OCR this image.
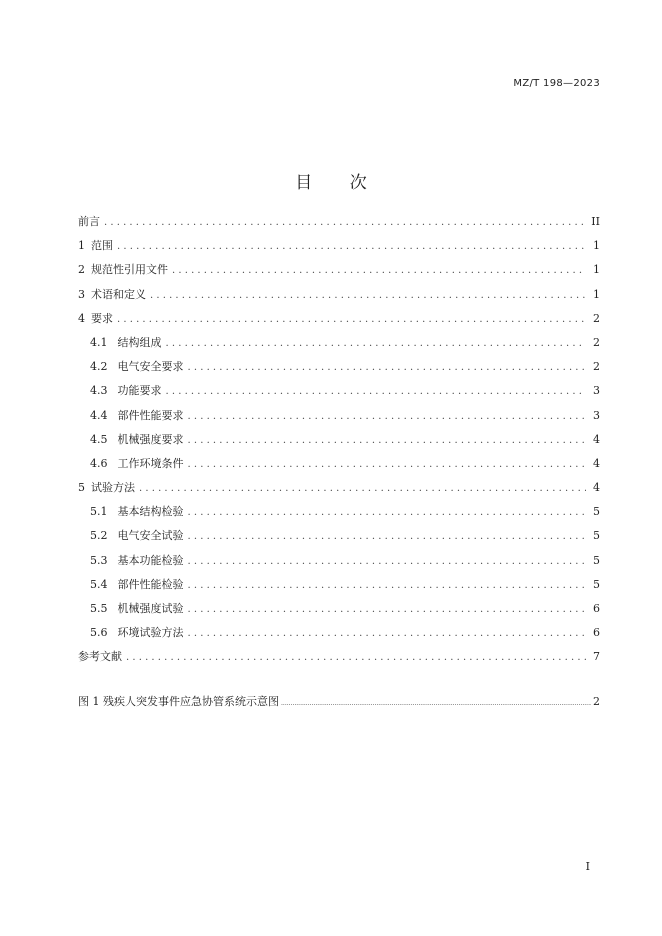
MZ/T 198—2023
目 次
前言 . . .	II
1 范围 . . .	1
2 规范性引用文件 . . .	1
3 术语和定义 . . .	1
4 要求 . . .	2
4.1 结构组成 . . .	2
4.2 电气安全要求 . . .	2
4.3 功能要求 . . .	3
4.4 部件性能要求 . . .	3
4.5 机械强度要求 . . .	4
4.6 工作环境条件 . . .	4
5 试验方法 . . .	4
5.1 基本结构检验 . . .	5
5.2 电气安全试验 . . .	5
5.3 基本功能检验 . . .	5
5.4 部件性能检验 . . .	5
5.5 机械强度试验 . . .	6
5.6 环境试验方法 . . .	6
参考文献 . . .	7
图 1 残疾人突发事件应急协管系统示意图 .....	2
I
